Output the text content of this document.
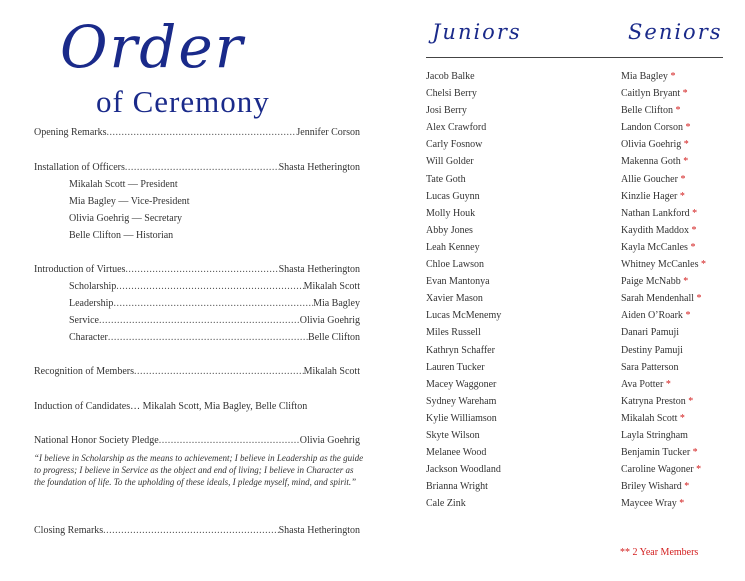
Order
of Ceremony
Opening Remarks .....	Jennifer Corson
Installation of Officers .....	Shasta Hetherington
Mikalah Scott — President
Mia Bagley — Vice-President
Olivia Goehrig — Secretary
Belle Clifton — Historian
Introduction of Virtues .....	Shasta Hetherington
Scholarship .....	Mikalah Scott
Leadership .....	Mia Bagley
Service .....	Olivia Goehrig
Character .....	Belle Clifton
Recognition of Members .....	Mikalah Scott
Induction of Candidates… Mikalah Scott, Mia Bagley, Belle Clifton
National Honor Society Pledge .....	Olivia Goehrig
“I believe in Scholarship as the means to achievement; I believe in Leadership as the guide to progress; I believe in Service as the object and end of living; I believe in Character as the foundation of life. To the upholding of these ideals, I pledge myself, mind, and spirit.”
Closing Remarks .....	Shasta Hetherington
Juniors	Seniors
Jacob Balke
Chelsi Berry
Josi Berry
Alex Crawford
Carly Fosnow
Will Golder
Tate Goth
Lucas Guynn
Molly Houk
Abby Jones
Leah Kenney
Chloe Lawson
Evan Mantonya
Xavier Mason
Lucas McMenemy
Miles Russell
Kathryn Schaffer
Lauren Tucker
Macey Waggoner
Sydney Wareham
Kylie Williamson
Skyte Wilson
Melanee Wood
Jackson Woodland
Brianna Wright
Cale Zink
Mia Bagley *
Caitlyn Bryant *
Belle Clifton *
Landon Corson *
Olivia Goehrig *
Makenna Goth *
Allie Goucher *
Kinzlie Hager *
Nathan Lankford *
Kaydith Maddox *
Kayla McCanles *
Whitney McCanles *
Paige McNabb *
Sarah Mendenhall *
Aiden O’Roark *
Danari Pamuji
Destiny Pamuji
Sara Patterson
Ava Potter *
Katryna Preston *
Mikalah Scott *
Layla Stringham
Benjamin Tucker *
Caroline Wagoner *
Briley Wishard *
Maycee Wray *
** 2 Year Members
